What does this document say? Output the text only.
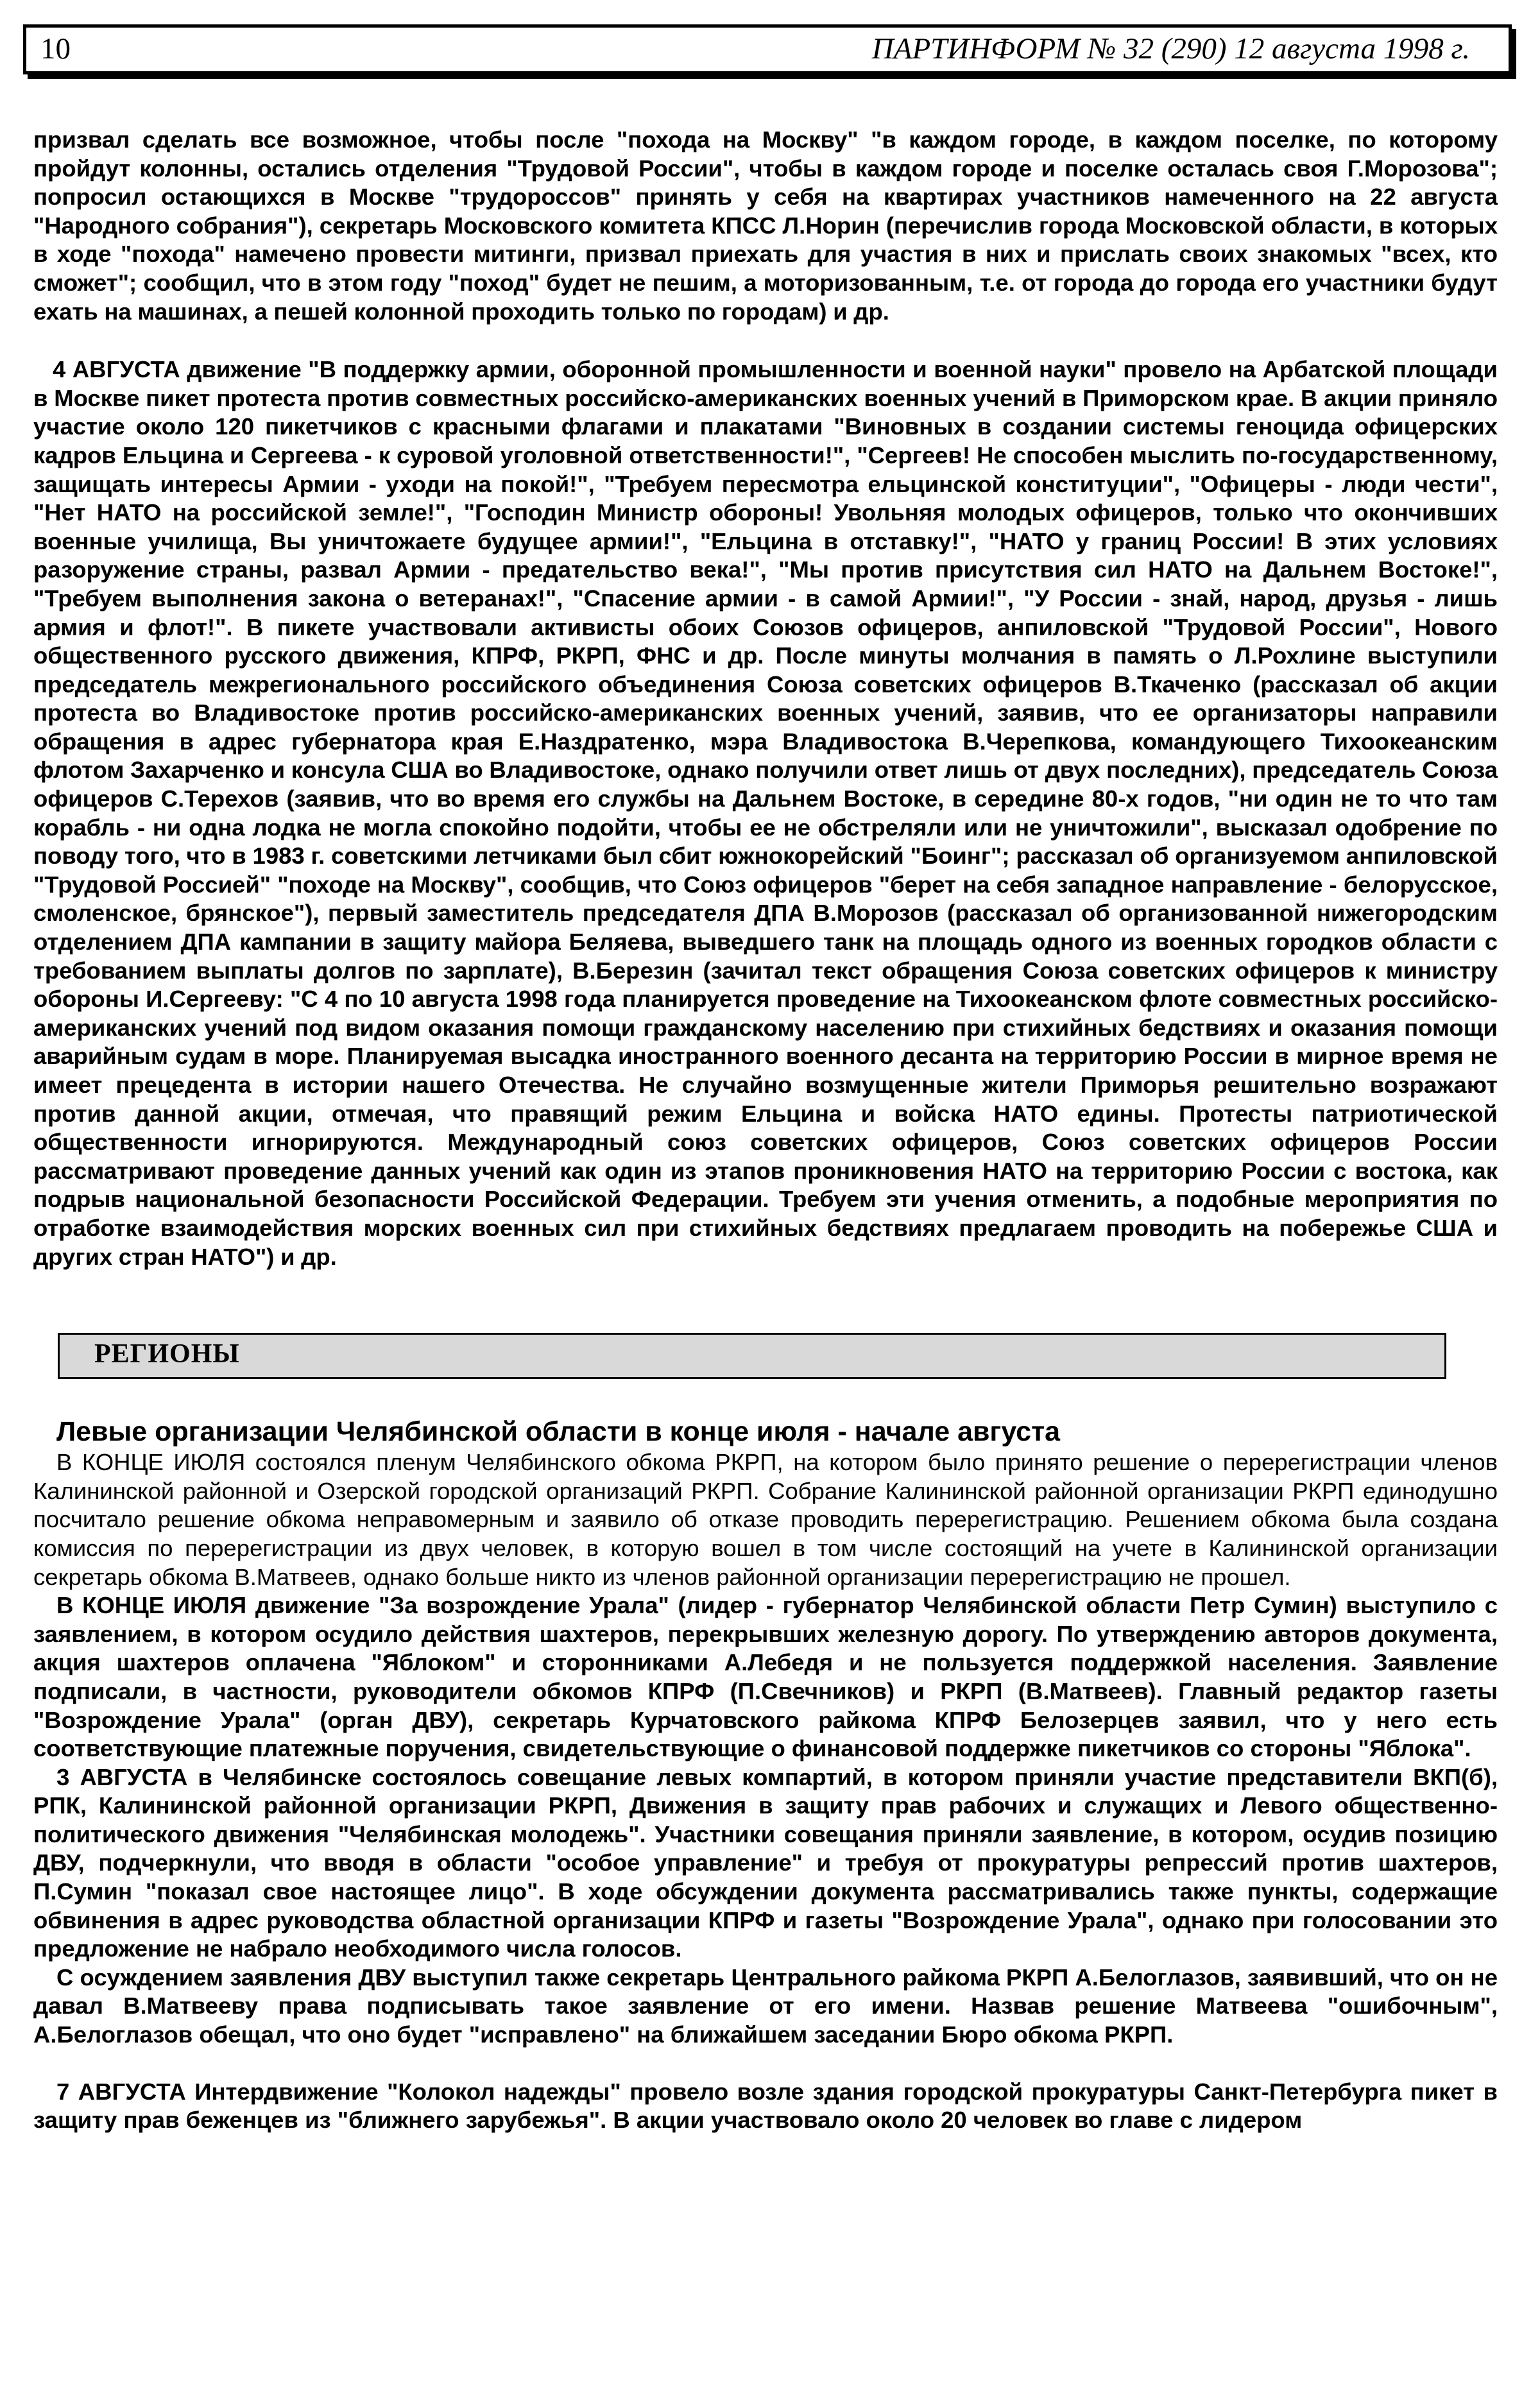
10	ПАРТИНФОРМ № 32 (290) 12 августа 1998 г.

призвал сделать все возможное, чтобы после "похода на Москву" "в каждом городе, в каждом поселке, по которому пройдут колонны, остались отделения "Трудовой России", чтобы в каждом городе и поселке осталась своя Г.Морозова"; попросил остающихся в Москве "трудороссов" принять у себя на квартирах участников намеченного на 22 августа "Народного собрания"), секретарь Московского комитета КПСС Л.Норин (перечислив города Московской области, в которых в ходе "похода" намечено провести митинги, призвал приехать для участия в них и прислать своих знакомых "всех, кто сможет"; сообщил, что в этом году "поход" будет не пешим, а моторизованным, т.е. от города до города его участники будут ехать на машинах, а пешей колонной проходить только по городам) и др.

4 АВГУСТА движение "В поддержку армии, оборонной промышленности и военной науки" провело на Арбатской площади в Москве пикет протеста против совместных российско-американских военных учений в Приморском крае. В акции приняло участие около 120 пикетчиков с красными флагами и плакатами "Виновных в создании системы геноцида офицерских кадров Ельцина и Сергеева - к суровой уголовной ответственности!", "Сергеев! Не способен мыслить по-государственному, защищать интересы Армии - уходи на покой!", "Требуем пересмотра ельцинской конституции", "Офицеры - люди чести", "Нет НАТО на российской земле!", "Господин Министр обороны! Увольняя молодых офицеров, только что окончивших военные училища, Вы уничтожаете будущее армии!", "Ельцина в отставку!", "НАТО у границ России! В этих условиях разоружение страны, развал Армии - предательство века!", "Мы против присутствия сил НАТО на Дальнем Востоке!", "Требуем выполнения закона о ветеранах!", "Спасение армии - в самой Армии!", "У России - знай, народ, друзья - лишь армия и флот!". В пикете участвовали активисты обоих Союзов офицеров, анпиловской "Трудовой России", Нового общественного русского движения, КПРФ, РКРП, ФНС и др. После минуты молчания в память о Л.Рохлине выступили председатель межрегионального российского объединения Союза советских офицеров В.Ткаченко (рассказал об акции протеста во Владивостоке против российско-американских военных учений, заявив, что ее организаторы направили обращения в адрес губернатора края Е.Наздратенко, мэра Владивостока В.Черепкова, командующего Тихоокеанским флотом Захарченко и консула США во Владивостоке, однако получили ответ лишь от двух последних), председатель Союза офицеров С.Терехов (заявив, что во время его службы на Дальнем Востоке, в середине 80-х годов, "ни один не то что там корабль - ни одна лодка не могла спокойно подойти, чтобы ее не обстреляли или не уничтожили", высказал одобрение по поводу того, что в 1983 г. советскими летчиками был сбит южнокорейский "Боинг"; рассказал об организуемом анпиловской "Трудовой Россией" "походе на Москву", сообщив, что Союз офицеров "берет на себя западное направление - белорусское, смоленское, брянское"), первый заместитель председателя ДПА В.Морозов (рассказал об организованной нижегородским отделением ДПА кампании в защиту майора Беляева, выведшего танк на площадь одного из военных городков области с требованием выплаты долгов по зарплате), В.Березин (зачитал текст обращения Союза советских офицеров к министру обороны И.Сергееву: "С 4 по 10 августа 1998 года планируется проведение на Тихоокеанском флоте совместных российско-американских учений под видом оказания помощи гражданскому населению при стихийных бедствиях и оказания помощи аварийным судам в море. Планируемая высадка иностранного военного десанта на территорию России в мирное время не имеет прецедента в истории нашего Отечества. Не случайно возмущенные жители Приморья решительно возражают против данной акции, отмечая, что правящий режим Ельцина и войска НАТО едины. Протесты патриотической общественности игнорируются. Международный союз советских офицеров, Союз советских офицеров России рассматривают проведение данных учений как один из этапов проникновения НАТО на территорию России с востока, как подрыв национальной безопасности Российской Федерации. Требуем эти учения отменить, а подобные мероприятия по отработке взаимодействия морских военных сил при стихийных бедствиях предлагаем проводить на побережье США и других стран НАТО") и др.

РЕГИОНЫ
Левые организации Челябинской области в конце июля - начале августа

В КОНЦЕ ИЮЛЯ состоялся пленум Челябинского обкома РКРП, на котором было принято решение о перерегистрации членов Калининской районной и Озерской городской организаций РКРП. Собрание Калининской районной организации РКРП единодушно посчитало решение обкома неправомерным и заявило об отказе проводить перерегистрацию. Решением обкома была создана комиссия по перерегистрации из двух человек, в которую вошел в том числе состоящий на учете в Калининской организации секретарь обкома В.Матвеев, однако больше никто из членов районной организации перерегистрацию не прошел.

В КОНЦЕ ИЮЛЯ движение "За возрождение Урала" (лидер - губернатор Челябинской области Петр Сумин) выступило с заявлением, в котором осудило действия шахтеров, перекрывших железную дорогу. По утверждению авторов документа, акция шахтеров оплачена "Яблоком" и сторонниками А.Лебедя и не пользуется поддержкой населения. Заявление подписали, в частности, руководители обкомов КПРФ (П.Свечников) и РКРП (В.Матвеев). Главный редактор газеты "Возрождение Урала" (орган ДВУ), секретарь Курчатовского райкома КПРФ Белозерцев заявил, что у него есть соответствующие платежные поручения, свидетельствующие о финансовой поддержке пикетчиков со стороны "Яблока".

3 АВГУСТА в Челябинске состоялось совещание левых компартий, в котором приняли участие представители ВКП(б), РПК, Калининской районной организации РКРП, Движения в защиту прав рабочих и служащих и Левого общественно-политического движения "Челябинская молодежь". Участники совещания приняли заявление, в котором, осудив позицию ДВУ, подчеркнули, что вводя в области "особое управление" и требуя от прокуратуры репрессий против шахтеров, П.Сумин "показал свое настоящее лицо". В ходе обсуждении документа рассматривались также пункты, содержащие обвинения в адрес руководства областной организации КПРФ и газеты "Возрождение Урала", однако при голосовании это предложение не набрало необходимого числа голосов.

С осуждением заявления ДВУ выступил также секретарь Центрального райкома РКРП А.Белоглазов, заявивший, что он не давал В.Матвееву права подписывать такое заявление от его имени. Назвав решение Матвеева "ошибочным", А.Белоглазов обещал, что оно будет "исправлено" на ближайшем заседании Бюро обкома РКРП.

7 АВГУСТА Интердвижение "Колокол надежды" провело возле здания городской прокуратуры Санкт-Петербурга пикет в защиту прав беженцев из "ближнего зарубежья". В акции участвовало около 20 человек во главе с лидером
